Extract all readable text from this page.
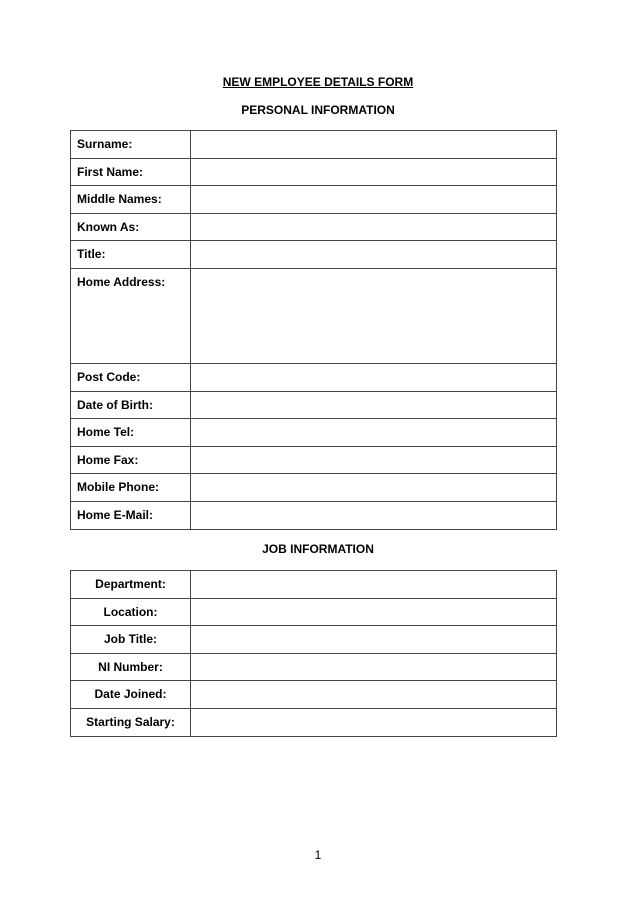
NEW EMPLOYEE DETAILS FORM
PERSONAL INFORMATION
Surname:	
First Name:	
Middle Names:	
Known As:	
Title:	
Home Address:	
Post Code:	
Date of Birth:	
Home Tel:	
Home Fax:	
Mobile Phone:	
Home E-Mail:	
JOB INFORMATION
Department:	
Location:	
Job Title:	
NI Number:	
Date Joined:	
Starting Salary:	
1
